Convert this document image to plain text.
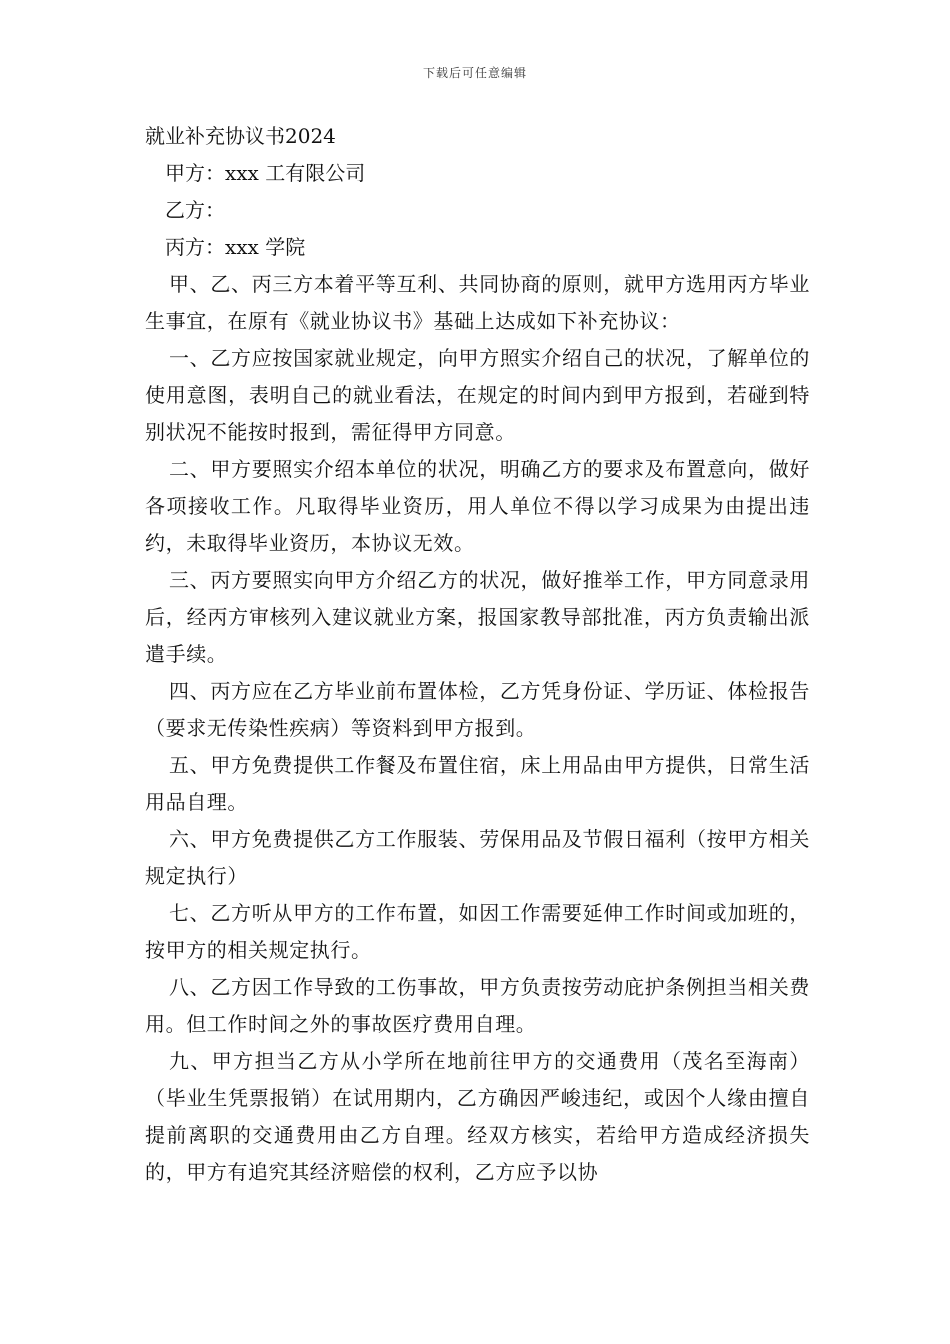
下载后可任意编辑

就业补充协议书2024

甲方：xxx 工有限公司

乙方：

丙方：xxx 学院

甲、乙、丙三方本着平等互利、共同协商的原则，就甲方选用丙方毕业生事宜，在原有《就业协议书》基础上达成如下补充协议：

一、乙方应按国家就业规定，向甲方照实介绍自己的状况，了解单位的使用意图，表明自己的就业看法，在规定的时间内到甲方报到，若碰到特别状况不能按时报到，需征得甲方同意。

二、甲方要照实介绍本单位的状况，明确乙方的要求及布置意向，做好各项接收工作。凡取得毕业资历，用人单位不得以学习成果为由提出违约，未取得毕业资历，本协议无效。

三、丙方要照实向甲方介绍乙方的状况，做好推举工作，甲方同意录用后，经丙方审核列入建议就业方案，报国家教导部批准，丙方负责输出派遣手续。

四、丙方应在乙方毕业前布置体检，乙方凭身份证、学历证、体检报告（要求无传染性疾病）等资料到甲方报到。

五、甲方免费提供工作餐及布置住宿，床上用品由甲方提供，日常生活用品自理。

六、甲方免费提供乙方工作服装、劳保用品及节假日福利（按甲方相关规定执行）

七、乙方听从甲方的工作布置，如因工作需要延伸工作时间或加班的，按甲方的相关规定执行。

八、乙方因工作导致的工伤事故，甲方负责按劳动庇护条例担当相关费用。但工作时间之外的事故医疗费用自理。

九、甲方担当乙方从小学所在地前往甲方的交通费用（茂名至海南）（毕业生凭票报销）在试用期内，乙方确因严峻违纪，或因个人缘由擅自提前离职的交通费用由乙方自理。经双方核实，若给甲方造成经济损失的，甲方有追究其经济赔偿的权利，乙方应予以协
